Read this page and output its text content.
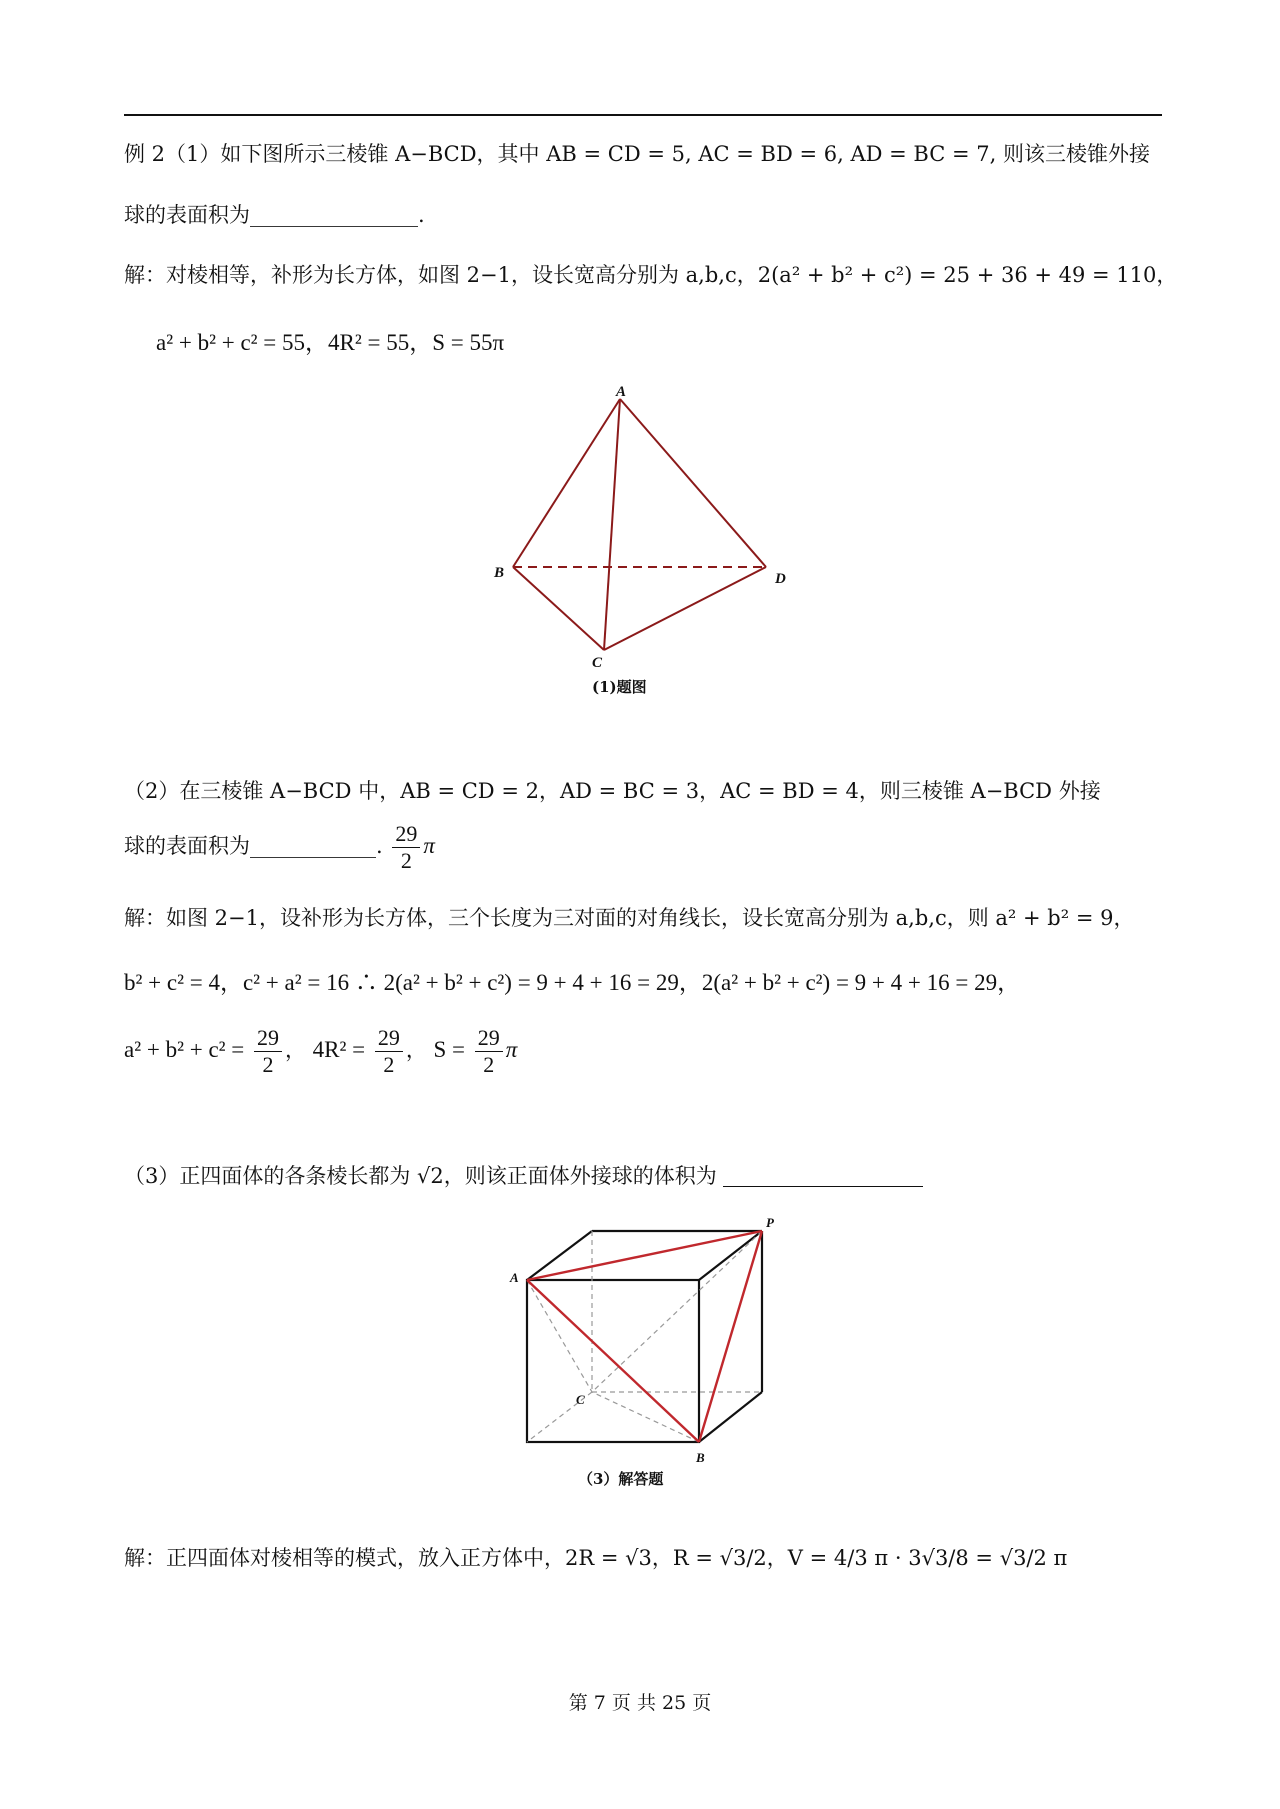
例 2（1）如下图所示三棱锥 A−BCD，其中 AB = CD = 5, AC = BD = 6, AD = BC = 7, 则该三棱锥外接
球的表面积为________________.
解：对棱相等，补形为长方体，如图 2−1，设长宽高分别为 a,b,c，2(a² + b² + c²) = 25 + 36 + 49 = 110，
a² + b² + c² = 55，4R² = 55，S = 55π
A
B
C
D
(1)题图
（2）在三棱锥 A−BCD 中，AB = CD = 2，AD = BC = 3，AC = BD = 4，则三棱锥 A−BCD 外接
球的表面积为____________. $\frac{29}{2}$ π
解：如图 2−1，设补形为长方体，三个长度为三对面的对角线长，设长宽高分别为 a,b,c，则 a² + b² = 9，
b² + c² = 4，c² + a² = 16 ∴ 2(a² + b² + c²) = 9 + 4 + 16 = 29，2(a² + b² + c²) = 9 + 4 + 16 = 29，
$a^2 + b^2 + c^2 = \frac{29}{2}$ ， $4R^2 = \frac{29}{2}$ ， $S = \frac{29}{2}$ π
（3）正四面体的各条棱长都为 √2，则该正面体外接球的体积为
A
P
C
B
（3）解答题
解：正四面体对棱相等的模式，放入正方体中，2R = √3，R = √3/2，V = 4/3 π · 3√3/8 = √3/2 π
第 7 页 共 25 页
